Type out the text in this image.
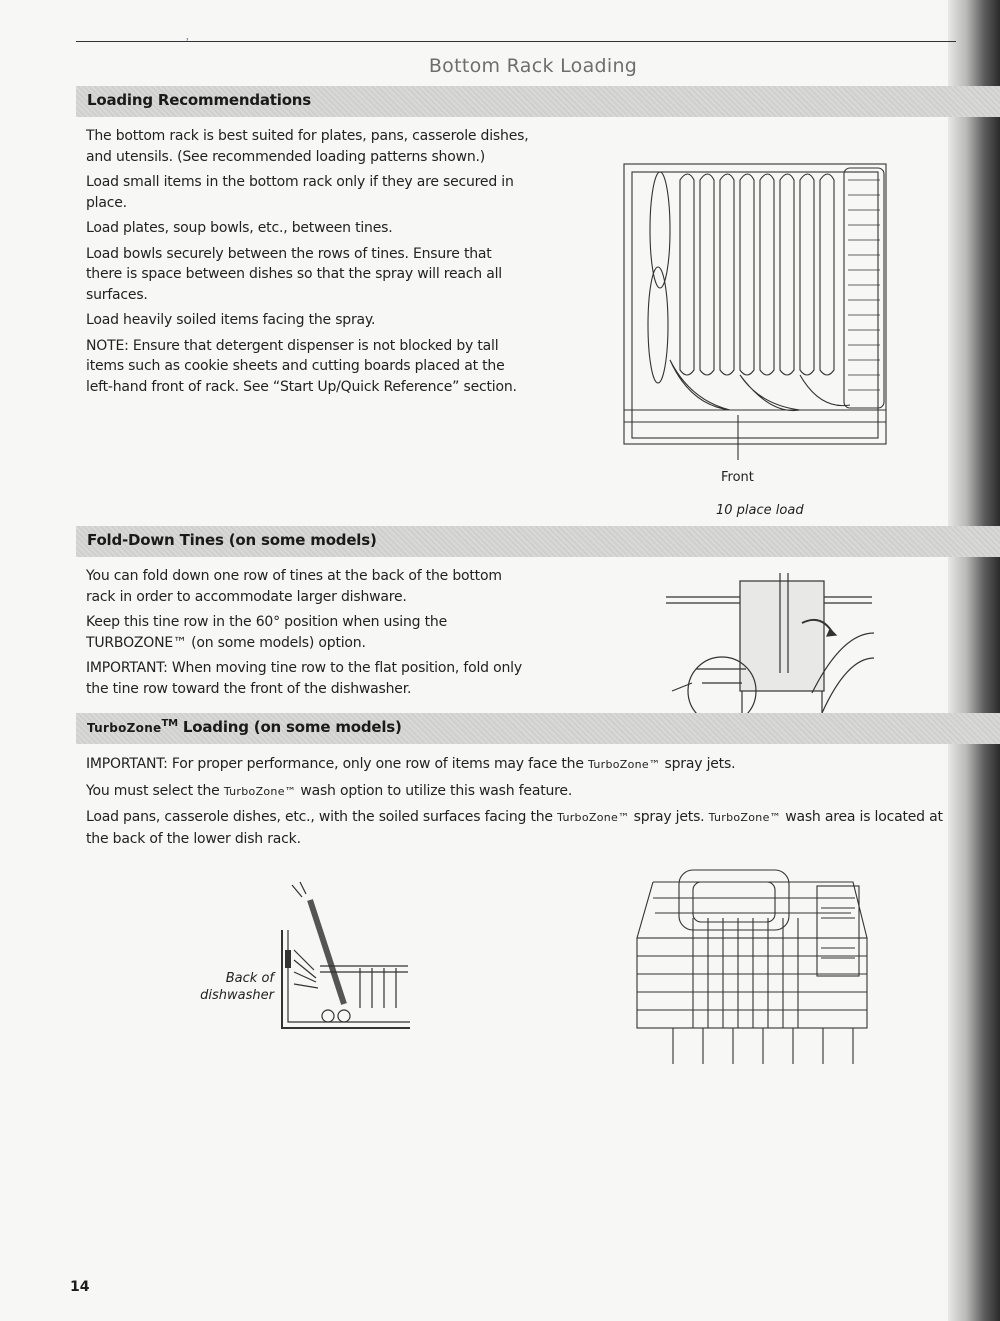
ʾ
Bottom Rack Loading
Loading Recommendations

The bottom rack is best suited for plates, pans, casserole dishes, and utensils. (See recommended loading patterns shown.)

Load small items in the bottom rack only if they are secured in place.

Load plates, soup bowls, etc., between tines.

Load bowls securely between the rows of tines. Ensure that there is space between dishes so that the spray will reach all surfaces.

Load heavily soiled items facing the spray.

NOTE: Ensure that detergent dispenser is not blocked by tall items such as cookie sheets and cutting boards placed at the left-hand front of rack. See “Start Up/Quick Reference” section.

Front
10 place load
Fold-Down Tines (on some models)

You can fold down one row of tines at the back of the bottom rack in order to accommodate larger dishware.

Keep this tine row in the 60° position when using the TURBOZONE™ (on some models) option.

IMPORTANT: When moving tine row to the flat position, fold only the tine row toward the front of the dishwasher.

TurboZone™ Loading (on some models)

IMPORTANT: For proper performance, only one row of items may face the TurboZone™ spray jets.

You must select the TurboZone™ wash option to utilize this wash feature.

Load pans, casserole dishes, etc., with the soiled surfaces facing the TurboZone™ spray jets. TurboZone™ wash area is located at the back of the lower dish rack.

Back of dishwasher
14
